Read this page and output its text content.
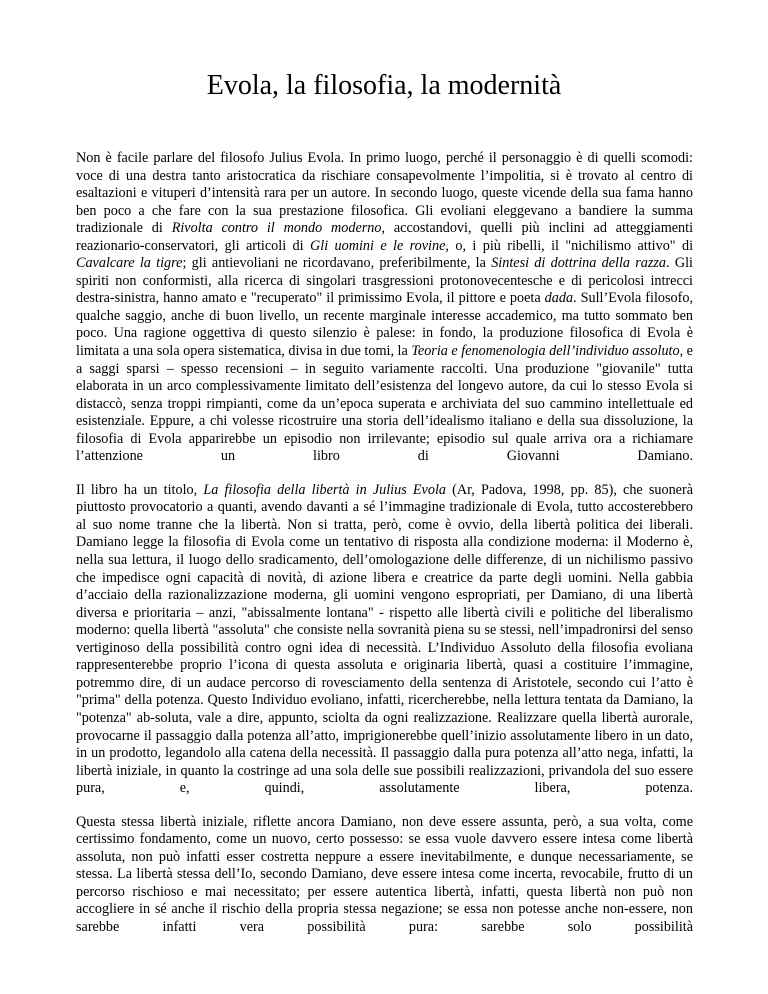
Evola, la filosofia, la modernità

Non è facile parlare del filosofo Julius Evola. In primo luogo, perché il personaggio è di quelli scomodi: voce di una destra tanto aristocratica da rischiare consapevolmente l’impolitia, si è trovato al centro di esaltazioni e vituperi d’intensità rara per un autore. In secondo luogo, queste vicende della sua fama hanno ben poco a che fare con la sua prestazione filosofica. Gli evoliani eleggevano a bandiere la summa tradizionale di Rivolta contro il mondo moderno, accostandovi, quelli più inclini ad atteggiamenti reazionario-conservatori, gli articoli di Gli uomini e le rovine, o, i più ribelli, il "nichilismo attivo" di Cavalcare la tigre; gli antievoliani ne ricordavano, preferibilmente, la Sintesi di dottrina della razza. Gli spiriti non conformisti, alla ricerca di singolari trasgressioni protonovecentesche e di pericolosi intrecci destra-sinistra, hanno amato e "recuperato" il primissimo Evola, il pittore e poeta dada. Sull’Evola filosofo, qualche saggio, anche di buon livello, un recente marginale interesse accademico, ma tutto sommato ben poco. Una ragione oggettiva di questo silenzio è palese: in fondo, la produzione filosofica di Evola è limitata a una sola opera sistematica, divisa in due tomi, la Teoria e fenomenologia dell’individuo assoluto, e a saggi sparsi – spesso recensioni – in seguito variamente raccolti. Una produzione "giovanile" tutta elaborata in un arco complessivamente limitato dell’esistenza del longevo autore, da cui lo stesso Evola si distaccò, senza troppi rimpianti, come da un’epoca superata e archiviata del suo cammino intellettuale ed esistenziale. Eppure, a chi volesse ricostruire una storia dell’idealismo italiano e della sua dissoluzione, la filosofia di Evola apparirebbe un episodio non irrilevante; episodio sul quale arriva ora a richiamare l’attenzione un libro di Giovanni Damiano.

Il libro ha un titolo, La filosofia della libertà in Julius Evola (Ar, Padova, 1998, pp. 85), che suonerà piuttosto provocatorio a quanti, avendo davanti a sé l’immagine tradizionale di Evola, tutto accosterebbero al suo nome tranne che la libertà. Non si tratta, però, come è ovvio, della libertà politica dei liberali. Damiano legge la filosofia di Evola come un tentativo di risposta alla condizione moderna: il Moderno è, nella sua lettura, il luogo dello sradicamento, dell’omologazione delle differenze, di un nichilismo passivo che impedisce ogni capacità di novità, di azione libera e creatrice da parte degli uomini. Nella gabbia d’acciaio della razionalizzazione moderna, gli uomini vengono espropriati, per Damiano, di una libertà diversa e prioritaria – anzi, "abissalmente lontana" - rispetto alle libertà civili e politiche del liberalismo moderno: quella libertà "assoluta" che consiste nella sovranità piena su se stessi, nell’impadronirsi del senso vertiginoso della possibilità contro ogni idea di necessità. L’Individuo Assoluto della filosofia evoliana rappresenterebbe proprio l’icona di questa assoluta e originaria libertà, quasi a costituire l’immagine, potremmo dire, di un audace percorso di rovesciamento della sentenza di Aristotele, secondo cui l’atto è "prima" della potenza. Questo Individuo evoliano, infatti, ricercherebbe, nella lettura tentata da Damiano, la "potenza" ab-soluta, vale a dire, appunto, sciolta da ogni realizzazione. Realizzare quella libertà aurorale, provocarne il passaggio dalla potenza all’atto, imprigionerebbe quell’inizio assolutamente libero in un dato, in un prodotto, legandolo alla catena della necessità. Il passaggio dalla pura potenza all’atto nega, infatti, la libertà iniziale, in quanto la costringe ad una sola delle sue possibili realizzazioni, privandola del suo essere pura, e, quindi, assolutamente libera, potenza.

Questa stessa libertà iniziale, riflette ancora Damiano, non deve essere assunta, però, a sua volta, come certissimo fondamento, come un nuovo, certo possesso: se essa vuole davvero essere intesa come libertà assoluta, non può infatti esser costretta neppure a essere inevitabilmente, e dunque necessariamente, se stessa. La libertà stessa dell’Io, secondo Damiano, deve essere intesa come incerta, revocabile, frutto di un percorso rischioso e mai necessitato; per essere autentica libertà, infatti, questa libertà non può non accogliere in sé anche il rischio della propria stessa negazione; se essa non potesse anche non-essere, non sarebbe infatti vera possibilità pura: sarebbe solo possibilità
